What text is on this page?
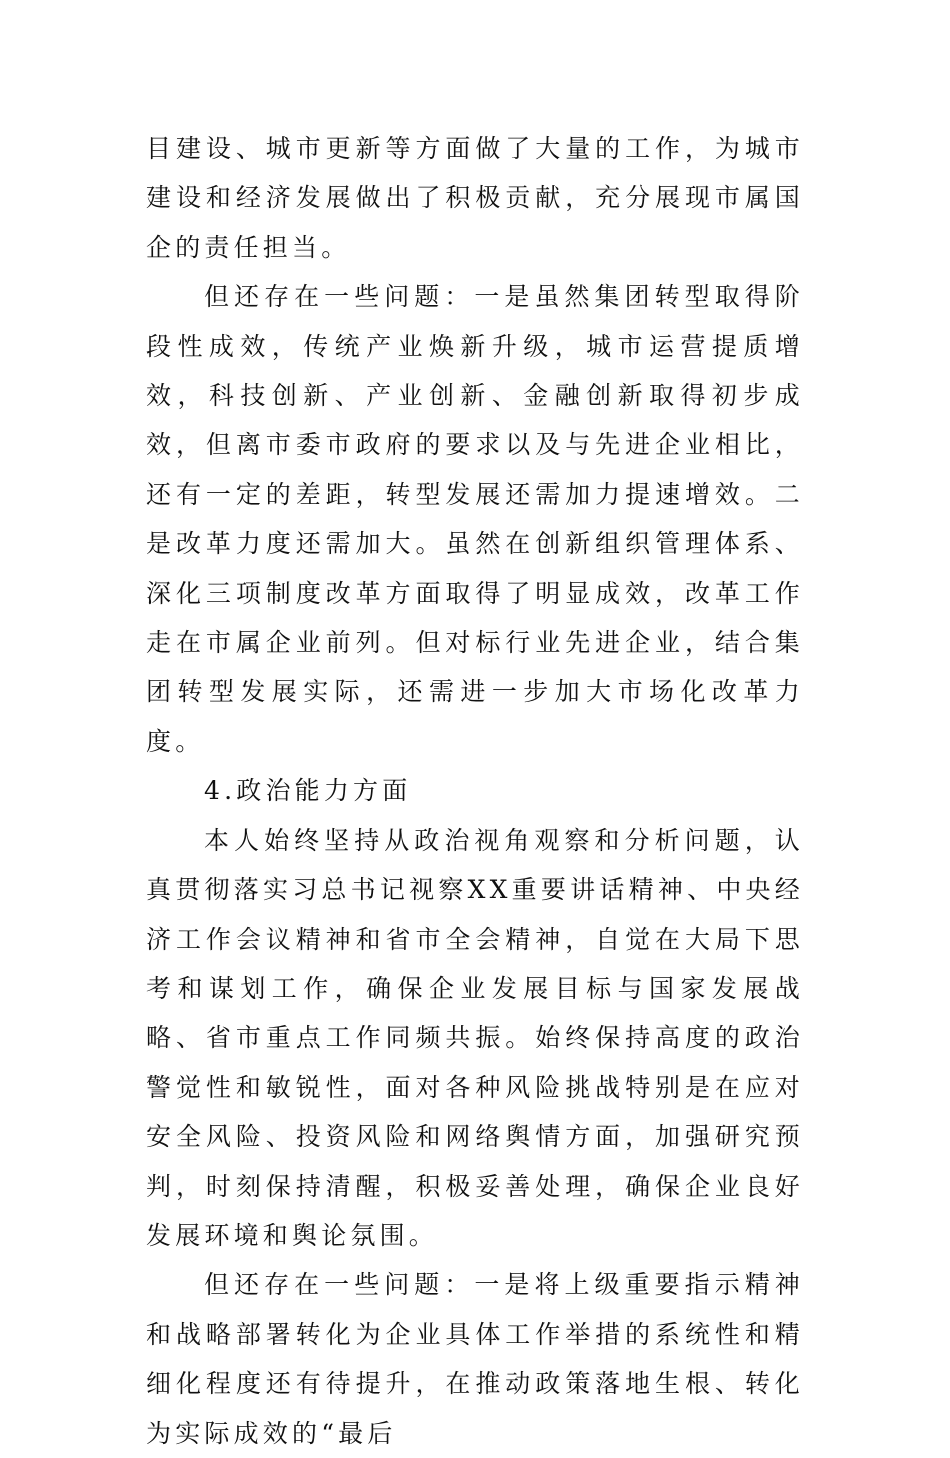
目建设、城市更新等方面做了大量的工作，为城市建设和经济发展做出了积极贡献，充分展现市属国企的责任担当。

但还存在一些问题：一是虽然集团转型取得阶段性成效，传统产业焕新升级，城市运营提质增效，科技创新、产业创新、金融创新取得初步成效，但离市委市政府的要求以及与先进企业相比，还有一定的差距，转型发展还需加力提速增效。二是改革力度还需加大。虽然在创新组织管理体系、深化三项制度改革方面取得了明显成效，改革工作走在市属企业前列。但对标行业先进企业，结合集团转型发展实际，还需进一步加大市场化改革力度。

4.政治能力方面

本人始终坚持从政治视角观察和分析问题，认真贯彻落实习总书记视察XX重要讲话精神、中央经济工作会议精神和省市全会精神，自觉在大局下思考和谋划工作，确保企业发展目标与国家发展战略、省市重点工作同频共振。始终保持高度的政治警觉性和敏锐性，面对各种风险挑战特别是在应对安全风险、投资风险和网络舆情方面，加强研究预判，时刻保持清醒，积极妥善处理，确保企业良好发展环境和舆论氛围。

但还存在一些问题：一是将上级重要指示精神和战略部署转化为企业具体工作举措的系统性和精细化程度还有待提升，在推动政策落地生根、转化为实际成效的“最后
